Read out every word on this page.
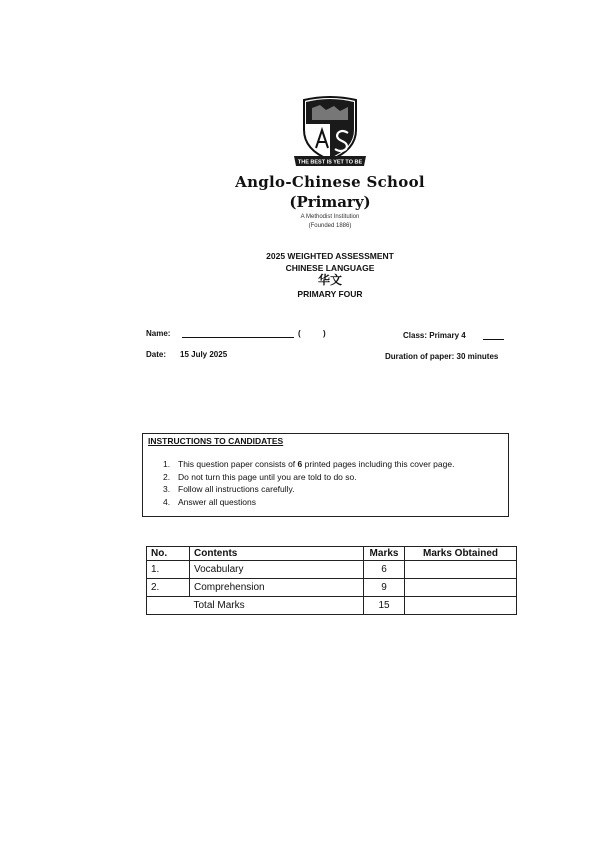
THE BEST IS YET TO BE
Anglo-Chinese School
(Primary)
A Methodist Institution
(Founded 1886)
2025 WEIGHTED ASSESSMENT
CHINESE LANGUAGE
华文
PRIMARY FOUR
Name:	(	)	Class: Primary 4
Date: 15 July 2025	Duration of paper: 30 minutes
INSTRUCTIONS TO CANDIDATES
1. This question paper consists of 6 printed pages including this cover page.
2. Do not turn this page until you are told to do so.
3. Follow all instructions carefully.
4. Answer all questions
No.	Contents	Marks	Marks Obtained
1.	Vocabulary	6	
2.	Comprehension	9	
	Total Marks	15	
